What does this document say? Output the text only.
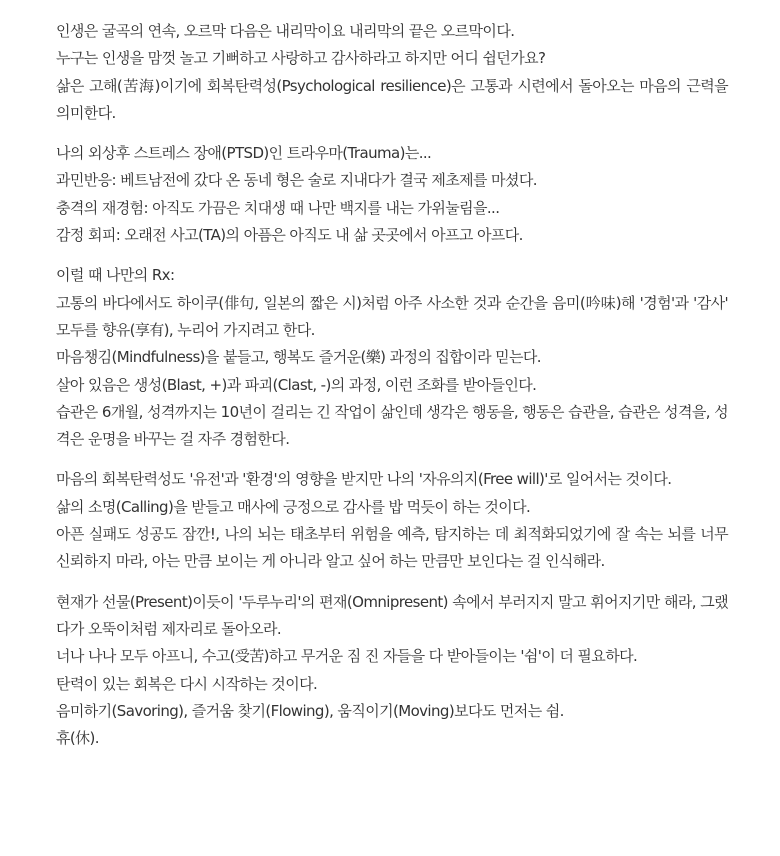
인생은 굴곡의 연속, 오르막 다음은 내리막이요 내리막의 끝은 오르막이다.
누구는 인생을 맘껏 놀고 기뻐하고 사랑하고 감사하라고 하지만 어디 쉽던가요?
삶은 고해(苦海)이기에 회복탄력성(Psychological resilience)은 고통과 시련에서 돌아오는 마음의 근력을 의미한다.
나의 외상후 스트레스 장애(PTSD)인 트라우마(Trauma)는...
과민반응: 베트남전에 갔다 온 동네 형은 술로 지내다가 결국 제초제를 마셨다.
충격의 재경험: 아직도 가끔은 치대생 때 나만 백지를 내는 가위눌림을...
감정 회피: 오래전 사고(TA)의 아픔은 아직도 내 삶 곳곳에서 아프고 아프다.
이럴 때 나만의 Rx:
고통의 바다에서도 하이쿠(俳句, 일본의 짧은 시)처럼 아주 사소한 것과 순간을 음미(吟味)해 '경험'과 '감사' 모두를 향유(享有), 누리어 가지려고 한다.
마음챙김(Mindfulness)을 붙들고, 행복도 즐거운(樂) 과정의 집합이라 믿는다.
살아 있음은 생성(Blast, +)과 파괴(Clast, -)의 과정, 이런 조화를 받아들인다.
습관은 6개월, 성격까지는 10년이 걸리는 긴 작업이 삶인데 생각은 행동을, 행동은 습관을, 습관은 성격을, 성격은 운명을 바꾸는 걸 자주 경험한다.
마음의 회복탄력성도 '유전'과 '환경'의 영향을 받지만 나의 '자유의지(Free will)'로 일어서는 것이다.
삶의 소명(Calling)을 받들고 매사에 긍정으로 감사를 밥 먹듯이 하는 것이다.
아픈 실패도 성공도 잠깐!, 나의 뇌는 태초부터 위험을 예측, 탐지하는 데 최적화되었기에 잘 속는 뇌를 너무 신뢰하지 마라, 아는 만큼 보이는 게 아니라 알고 싶어 하는 만큼만 보인다는 걸 인식해라.
현재가 선물(Present)이듯이 '두루누리'의 편재(Omnipresent) 속에서 부러지지 말고 휘어지기만 해라, 그랬다가 오뚝이처럼 제자리로 돌아오라.
너나 나나 모두 아프니, 수고(受苦)하고 무거운 짐 진 자들을 다 받아들이는 '쉼'이 더 필요하다.
탄력이 있는 회복은 다시 시작하는 것이다.
음미하기(Savoring), 즐거움 찾기(Flowing), 움직이기(Moving)보다도 먼저는 쉼.
휴(休).
